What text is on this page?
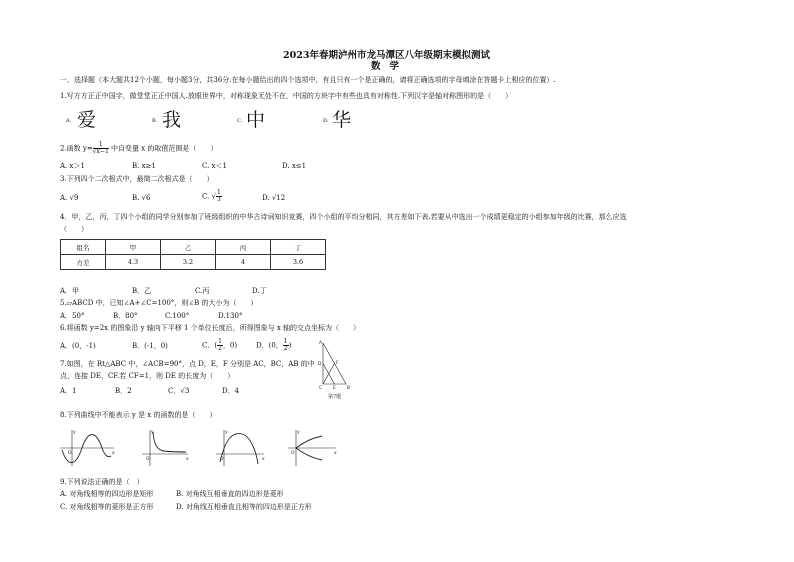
2023年春期泸州市龙马潭区八年级期末模拟测试
数学
一、选择题（本大题共12个小题，每小题3分，共36分.在每小题给出的四个选项中，有且只有一个是正确的，请将正确选项的字母填涂在答题卡上相应的位置）.
1.写方方正正中国字，做堂堂正正中国人.放眼世界中，对称现象无处不在，中国的方块字中有些也具有对称性.下列汉字是轴对称图形的是（　　）
A. 爱	B. 我	C. 中	D. 华
2.函数 $y= \frac{1}{√x-1}$ 中自变量 x 的取值范围是（　　）
A. x＞1	B. x≥1	C. x＜1	D. x≤1
3.下列四个二次根式中，最简二次根式是（　　）
A. √9	B. √6	C. √ $\frac{1}{3}$	D. √12
4．甲，乙，丙，丁四个小组的同学分别参加了班级组织的中华古诗词知识竞赛，四个小组的平均分相同，其方差如下表.若要从中选出一个成绩更稳定的小组参加年级的比赛，那么应选
（　　）
组名	甲	乙	丙	丁
方差	4.3	3.2	4	3.6
A．甲	B．乙	C.丙	D.丁
5.▱ABCD 中，已知∠A+∠C=100°，则∠B 的大小为（　　）
A．50°	B．80°	C.100°	D.130°
6.将函数 y=2x 的图象沿 y 轴向下平移 1 个单位长度后，所得图象与 x 轴的交点坐标为（　　）
A．(0，-1)	B．(-1，0)	C．( $\frac{1}{2}$ ，0)	D．(0， $\frac{1}{2}$ )
7.如图，在 Rt△ABC 中，∠ACB=90°，点 D，E，F 分别是 AC，BC，AB 的中
点，连接 DE，CF.若 CF=1，则 DE 的长度为（　　）
A．1	B．2	C．√3	D．4
A
D	F
C E B
第7题
8.下列曲线中不能表示 y 是 x 的函数的是（　　）
y
x
O
y
x
O
y
x
O
y
x
O
9.下列说法正确的是（　）
A. 对角线相等的四边形是矩形	B. 对角线互相垂直的四边形是菱形
C. 对角线相等的菱形是正方形	D. 对角线互相垂直且相等的四边形是正方形
